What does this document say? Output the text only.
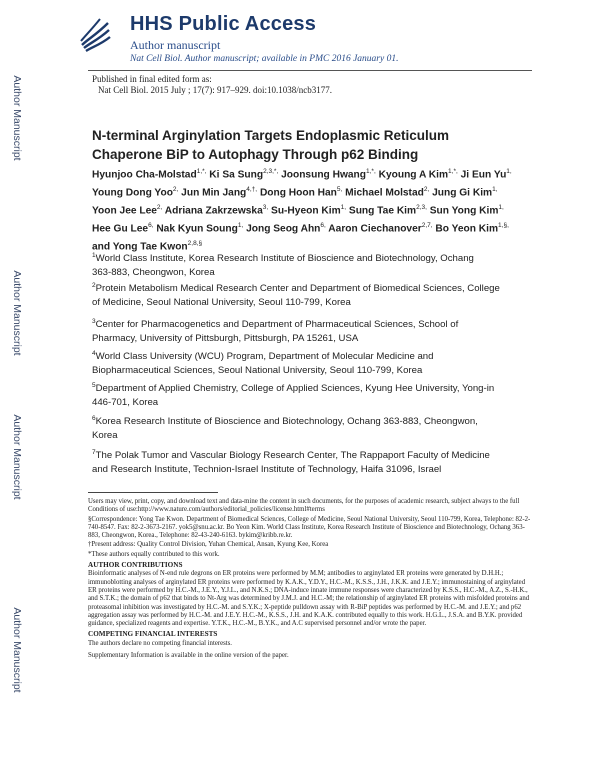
Author Manuscript
Author Manuscript
Author Manuscript
Author Manuscript
HHS Public Access
Author manuscript
Nat Cell Biol. Author manuscript; available in PMC 2016 January 01.
Published in final edited form as:
Nat Cell Biol. 2015 July ; 17(7): 917–929. doi:10.1038/ncb3177.
N-terminal Arginylation Targets Endoplasmic Reticulum
Chaperone BiP to Autophagy Through p62 Binding
Hyunjoo Cha-Molstad$^{1,*,}$ Ki Sa Sung$^{2,3,*,}$ Joonsung Hwang$^{1,*,}$ Kyoung A Kim$^{1,*,}$ Ji Eun $Yu^{1,}$
Young Dong Yoo$^{2,}$ Jun Min Jang$^{4,\dagger,}$ Dong Hoon Han$^{5,}$ Michael Molstad$^{2,}$ Jung Gi Kim$^{1,}$
Yoon Jee Lee$^{2,}$ Adriana Zakrzewska$^{3,}$ Su-Hyeon Kim$^{1,}$ Sung Tae Kim$^{2,3,}$ Sun Yong Kim$^{1,}$
Hee Gu Lee$^{6,}$ Nak Kyun Soung$^{1,}$ Jong Seog Ahn$^{6,}$ Aaron Ciechanover$^{2,7,}$ Bo Yeon Kim$^{1,\S,}$
and Yong Tae Kwon$^{2,8,\S}$
$^1$World Class Institute, Korea Research Institute of Bioscience and Biotechnology, Ochang
363-883, Cheongwon, Korea
$^2$Protein Metabolism Medical Research Center and Department of Biomedical Sciences, College
of Medicine, Seoul National University, Seoul 110-799, Korea
$^3$Center for Pharmacogenetics and Department of Pharmaceutical Sciences, School of
Pharmacy, University of Pittsburgh, Pittsburgh, PA 15261, USA
$^4$World Class University (WCU) Program, Department of Molecular Medicine and
Biopharmaceutical Sciences, Seoul National University, Seoul 110-799, Korea
$^5$Department of Applied Chemistry, College of Applied Sciences, Kyung Hee University, Yong-in
446-701, Korea
$^6$Korea Research Institute of Bioscience and Biotechnology, Ochang 363-883, Cheongwon,
Korea
$^7$The Polak Tumor and Vascular Biology Research Center, The Rappaport Faculty of Medicine
and Research Institute, Technion-Israel Institute of Technology, Haifa 31096, Israel

Users may view, print, copy, and download text and data-mine the content in such documents, for the purposes of academic research, subject always to the full Conditions of use:http://www.nature.com/authors/editorial_policies/license.html#terms

§Correspondence: Yong Tae Kwon. Department of Biomedical Sciences, College of Medicine, Seoul National University, Seoul 110-799, Korea, Telephone: 82-2-740-8547. Fax: 82-2-3673-2167. yok5@snu.ac.kr. Bo Yeon Kim. World Class Institute, Korea Research Institute of Bioscience and Biotechnology, Ochang 363-883, Cheongwon, Korea., Telephone: 82-43-240-6163. bykim@kribb.re.kr.

†Present address: Quality Control Division, Yuhan Chemical, Ansan, Kyung Kee, Korea

*These authors equally contributed to this work.

AUTHOR CONTRIBUTIONS

Bioinformatic analyses of N-end rule degrons on ER proteins were performed by M.M; antibodies to arginylated ER proteins were generated by D.H.H.; immunoblotting analyses of arginylated ER proteins were performed by K.A.K., Y.D.Y., H.C.-M., K.S.S., J.H., J.K.K. and J.E.Y.; immunostaining of arginylated ER proteins were performed by H.C.-M., J.E.Y., Y.J.L., and N.K.S.; DNA-induce innate immune responses were characterized by K.S.S., H.C.-M., A.Z., S.-H.K., and S.T.K.; the domain of p62 that binds to Nt-Arg was determined by J.M.J. and H.C.-M; the relationship of arginylated ER proteins with misfolded proteins and proteasomal inhibition was investigated by H.C.-M. and S.Y.K.; X-peptide pulldown assay with R-BiP peptides was performed by H.C.-M. and J.E.Y.; and p62 aggregation assay was performed by H.C.-M. and J.E.Y. H.C.-M., K.S.S., J.H. and K.A.K. contributed equally to this work. H.G.L., J.S.A. and B.Y.K. provided guidance, specialized reagents and expertise. Y.T.K., H.C.-M., B.Y.K., and A.C supervised personnel and/or wrote the paper.

COMPETING FINANCIAL INTERESTS

The authors declare no competing financial interests.

Supplementary Information is available in the online version of the paper.
